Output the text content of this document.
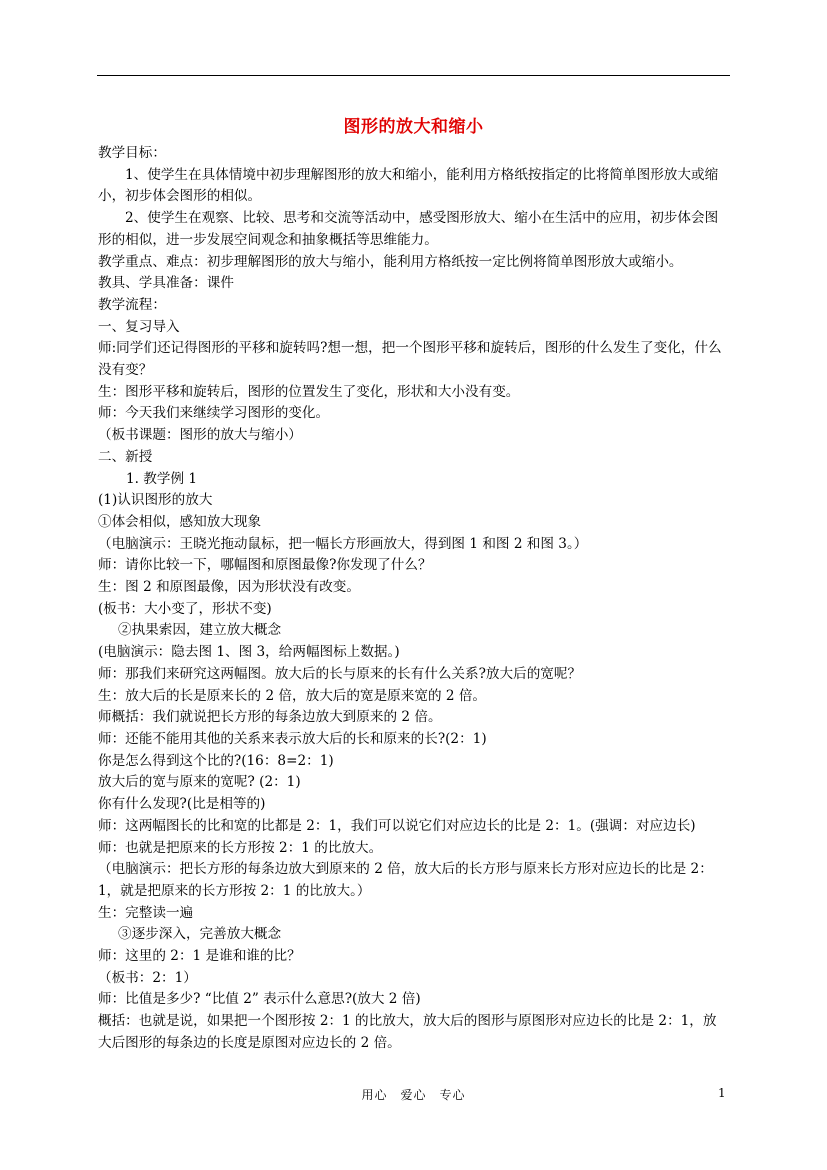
图形的放大和缩小

教学目标：

1、使学生在具体情境中初步理解图形的放大和缩小，能利用方格纸按指定的比将简单图形放大或缩小，初步体会图形的相似。

2、使学生在观察、比较、思考和交流等活动中，感受图形放大、缩小在生活中的应用，初步体会图形的相似，进一步发展空间观念和抽象概括等思维能力。

教学重点、难点：初步理解图形的放大与缩小，能利用方格纸按一定比例将简单图形放大或缩小。

教具、学具准备：课件

教学流程：

一、复习导入

师:同学们还记得图形的平移和旋转吗?想一想，把一个图形平移和旋转后，图形的什么发生了变化，什么没有变？

生：图形平移和旋转后，图形的位置发生了变化，形状和大小没有变。

师：今天我们来继续学习图形的变化。

（板书课题：图形的放大与缩小）

二、新授

1. 教学例 1

(1)认识图形的放大

①体会相似，感知放大现象

（电脑演示：王晓光拖动鼠标，把一幅长方形画放大，得到图 1 和图 2 和图 3。）

师：请你比较一下，哪幅图和原图最像?你发现了什么？

生：图 2 和原图最像，因为形状没有改变。

(板书：大小变了，形状不变)

②执果索因，建立放大概念

(电脑演示：隐去图 1、图 3，给两幅图标上数据。)

师：那我们来研究这两幅图。放大后的长与原来的长有什么关系?放大后的宽呢？

生：放大后的长是原来长的 2 倍，放大后的宽是原来宽的 2 倍。

师概括：我们就说把长方形的每条边放大到原来的 2 倍。

师：还能不能用其他的关系来表示放大后的长和原来的长?(2：1)

你是怎么得到这个比的?(16：8=2：1)

放大后的宽与原来的宽呢? (2：1)

你有什么发现?(比是相等的)

师：这两幅图长的比和宽的比都是 2：1，我们可以说它们对应边长的比是 2：1。(强调：对应边长)

师：也就是把原来的长方形按 2：1 的比放大。

（电脑演示：把长方形的每条边放大到原来的 2 倍，放大后的长方形与原来长方形对应边长的比是 2：1，就是把原来的长方形按 2：1 的比放大。）

生：完整读一遍

③逐步深入，完善放大概念

师：这里的 2：1 是谁和谁的比？

（板书：2：1）

师：比值是多少? “比值 2” 表示什么意思?(放大 2 倍)

概括：也就是说，如果把一个图形按 2：1 的比放大，放大后的图形与原图形对应边长的比是 2：1，放大后图形的每条边的长度是原图对应边长的 2 倍。

用心　爱心　专心	1
